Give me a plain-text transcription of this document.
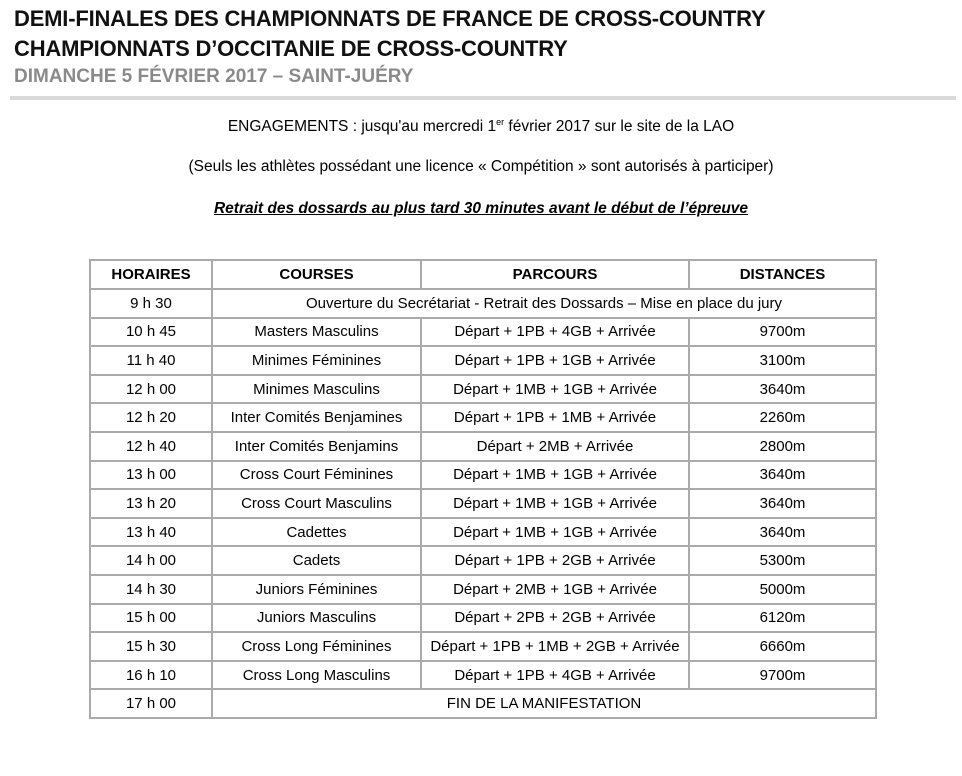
DEMI-FINALES DES CHAMPIONNATS DE FRANCE DE CROSS-COUNTRY
CHAMPIONNATS D’OCCITANIE DE CROSS-COUNTRY
DIMANCHE 5 FÉVRIER 2017 – SAINT-JUÉRY
ENGAGEMENTS : jusqu'au mercredi 1er février 2017 sur le site de la LAO
(Seuls les athlètes possédant une licence « Compétition » sont autorisés à participer)
Retrait des dossards au plus tard 30 minutes avant le début de l’épreuve
HORAIRES	COURSES	PARCOURS	DISTANCES
9 h 30	Ouverture du Secrétariat - Retrait des Dossards – Mise en place du jury		
10 h 45	Masters Masculins	Départ + 1PB + 4GB + Arrivée	9700m
11 h 40	Minimes Féminines	Départ + 1PB + 1GB + Arrivée	3100m
12 h 00	Minimes Masculins	Départ + 1MB + 1GB + Arrivée	3640m
12 h 20	Inter Comités Benjamines	Départ + 1PB + 1MB + Arrivée	2260m
12 h 40	Inter Comités Benjamins	Départ + 2MB + Arrivée	2800m
13 h 00	Cross Court Féminines	Départ + 1MB + 1GB + Arrivée	3640m
13 h 20	Cross Court Masculins	Départ + 1MB + 1GB + Arrivée	3640m
13 h 40	Cadettes	Départ + 1MB + 1GB + Arrivée	3640m
14 h 00	Cadets	Départ + 1PB + 2GB + Arrivée	5300m
14 h 30	Juniors Féminines	Départ + 2MB + 1GB + Arrivée	5000m
15 h 00	Juniors Masculins	Départ + 2PB + 2GB + Arrivée	6120m
15 h 30	Cross Long Féminines	Départ + 1PB + 1MB + 2GB + Arrivée	6660m
16 h 10	Cross Long Masculins	Départ + 1PB + 4GB + Arrivée	9700m
17 h 00	FIN DE LA MANIFESTATION		
